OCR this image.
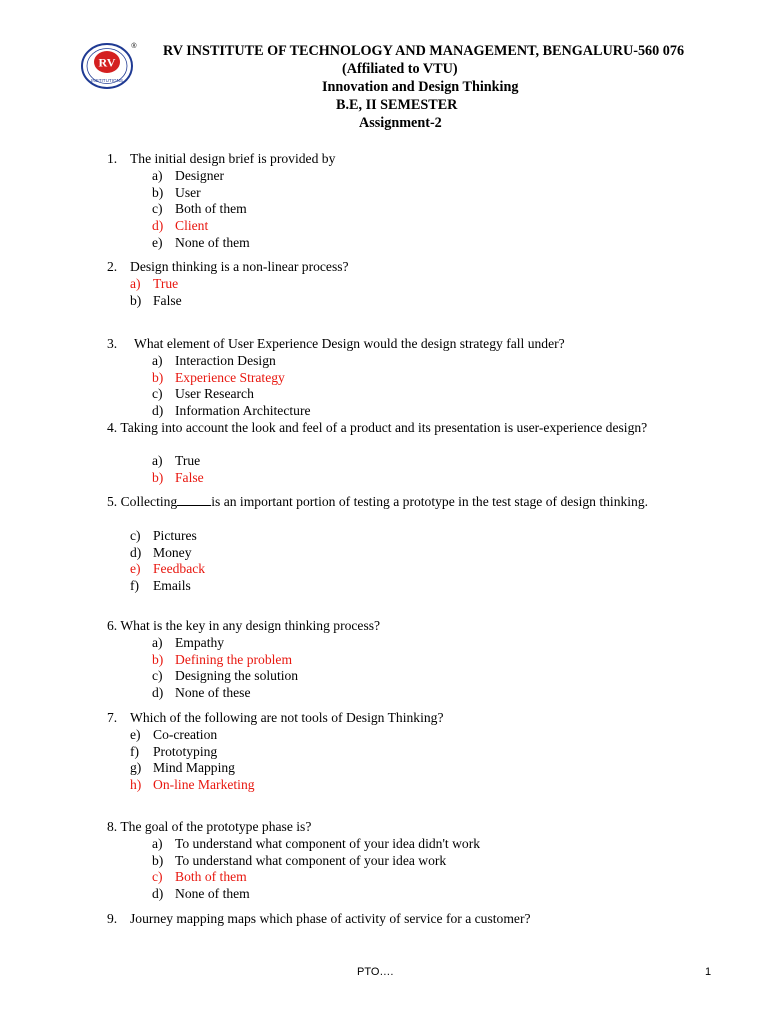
RV
INSTITUTIONS
® RV INSTITUTE OF TECHNOLOGY AND MANAGEMENT, BENGALURU-560 076
(Affiliated to VTU)
Innovation and Design Thinking
B.E, II SEMESTER
Assignment-2
1. The initial design brief is provided by
a) Designer
b) User
c) Both of them
d) Client
e) None of them
2. Design thinking is a non-linear process?
a) True
b) False
3. What element of User Experience Design would the design strategy fall under?
a) Interaction Design
b) Experience Strategy
c) User Research
d) Information Architecture
4. Taking into account the look and feel of a product and its presentation is user-experience design?
a) True
b) False
5. Collecting	is an important portion of testing a prototype in the test stage of design thinking.
c) Pictures
d) Money
e) Feedback
f) Emails
6. What is the key in any design thinking process?
a) Empathy
b) Defining the problem
c) Designing the solution
d) None of these
7. Which of the following are not tools of Design Thinking?
e) Co-creation
f) Prototyping
g) Mind Mapping
h) On-line Marketing
8. The goal of the prototype phase is?
a) To understand what component of your idea didn't work
b) To understand what component of your idea work
c) Both of them
d) None of them
9. Journey mapping maps which phase of activity of service for a customer?
PTO….	1
